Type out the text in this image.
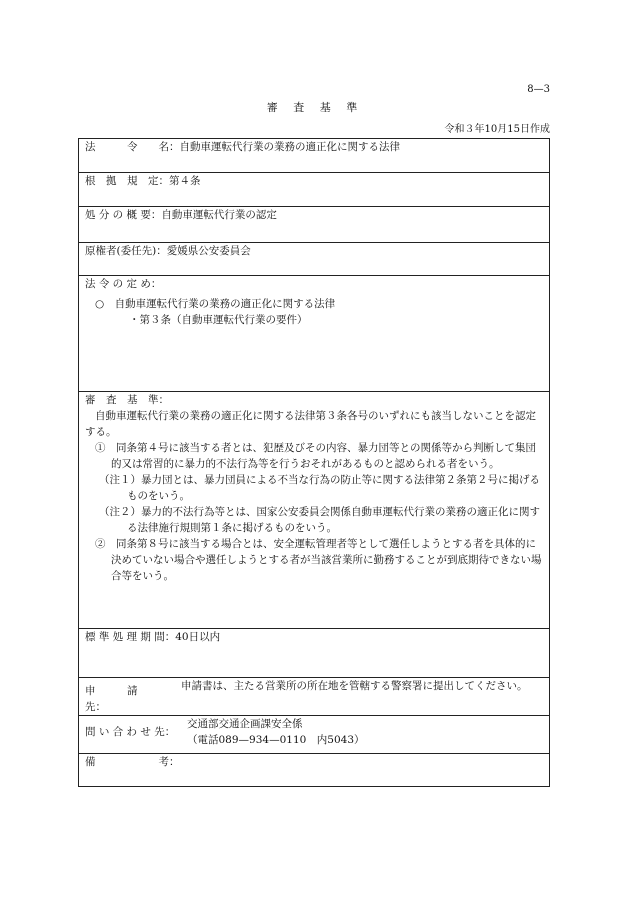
8—3
審 査 基 準
令和３年10月15日作成
法　　　令　　名：自動車運転代行業の業務の適正化に関する法律
根　拠　規　定：第４条
処 分 の 概 要：自動車運転代行業の認定
原権者(委任先)：愛媛県公安委員会

法 令 の 定 め：

○　自動車運転代行業の業務の適正化に関する法律

・第３条（自動車運転代行業の要件）

審　査　基　準：

自動車運転代行業の業務の適正化に関する法律第３条各号のいずれにも該当しないことを認定する。

①　同条第４号に該当する者とは、犯歴及びその内容、暴力団等との関係等から判断して集団的又は常習的に暴力的不法行為等を行うおそれがあるものと認められる者をいう。

（注１）暴力団とは、暴力団員による不当な行為の防止等に関する法律第２条第２号に掲げるものをいう。

（注２）暴力的不法行為等とは、国家公安委員会関係自動車運転代行業の業務の適正化に関する法律施行規則第１条に掲げるものをいう。

②　同条第８号に該当する場合とは、安全運転管理者等として選任しようとする者を具体的に決めていない場合や選任しようとする者が当該営業所に勤務することが到底期待できない場合等をいう。

標 準 処 理 期 間：40日以内

申　　　請　　　先：
申請書は、主たる営業所の所在地を管轄する警察署に提出してください。

問 い 合 わ せ 先：
交通部交通企画課安全係
（電話089—934—0110　内5043）

備　　　　　　考：
